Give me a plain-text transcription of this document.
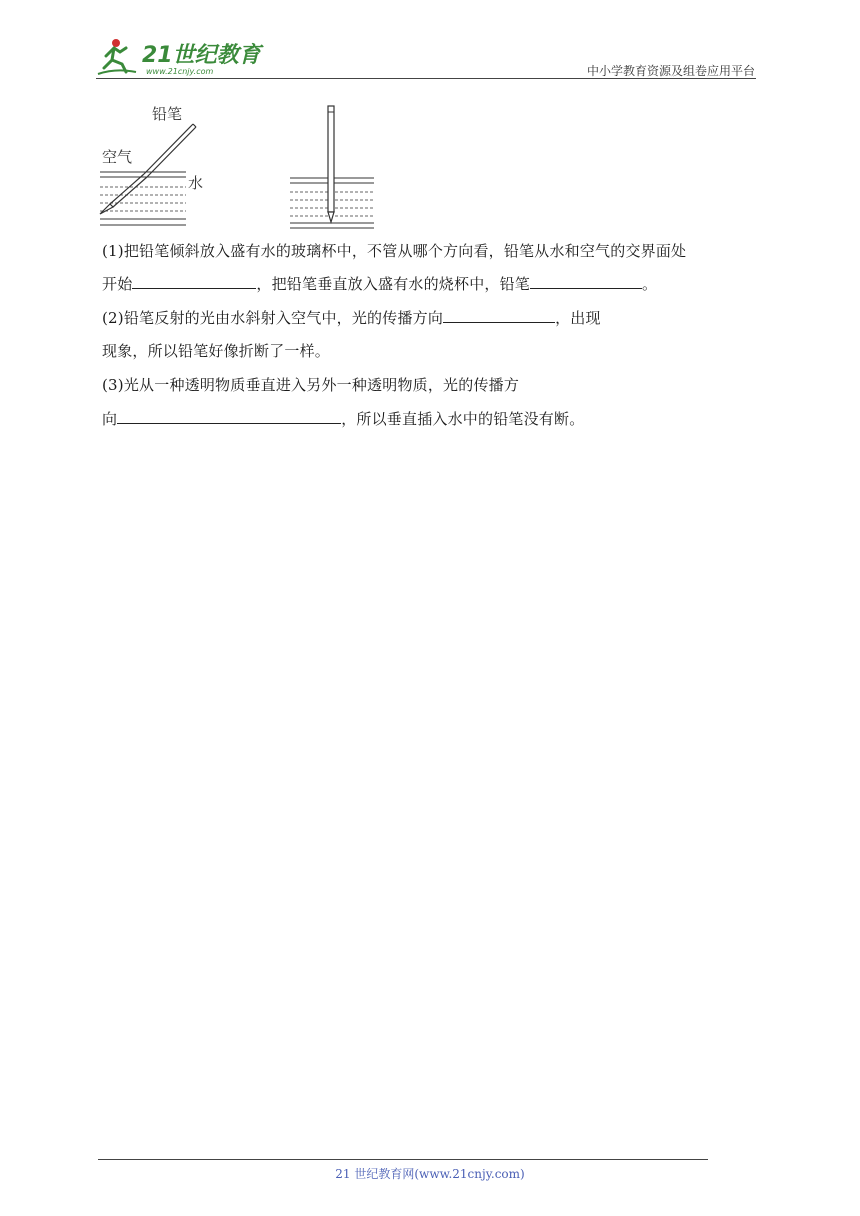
21世纪教育
www.21cnjy.com	中小学教育资源及组卷应用平台
铅笔
空气
水
(1)把铅笔倾斜放入盛有水的玻璃杯中，不管从哪个方向看，铅笔从水和空气的交界面处
开始	，把铅笔垂直放入盛有水的烧杯中，铅笔	。
(2)铅笔反射的光由水斜射入空气中，光的传播方向	，出现
现象，所以铅笔好像折断了一样。
(3)光从一种透明物质垂直进入另外一种透明物质，光的传播方
向	，所以垂直插入水中的铅笔没有断。
21 世纪教育网(www.21cnjy.com)
